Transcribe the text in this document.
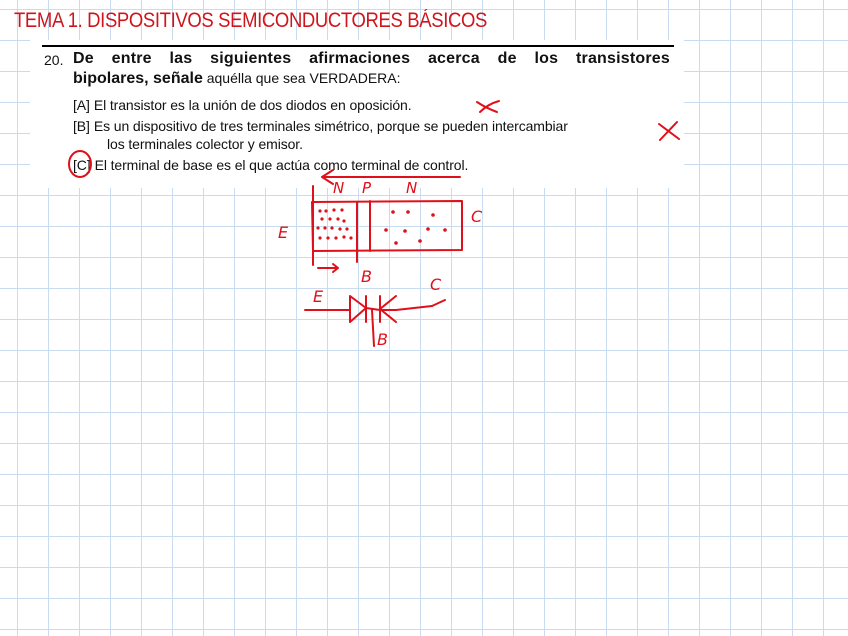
TEMA 1. DISPOSITIVOS SEMICONDUCTORES BÁSICOS
20. De entre las siguientes afirmaciones acerca de los transistores
bipolares, señale aquélla que sea VERDADERA:
[A] El transistor es la unión de dos diodos en oposición.
[B] Es un dispositivo de tres terminales simétrico, porque se pueden intercambiar
los terminales colector y emisor.
[C] El terminal de base es el que actúa como terminal de control.
N P N
E
C
B
E
C
B
